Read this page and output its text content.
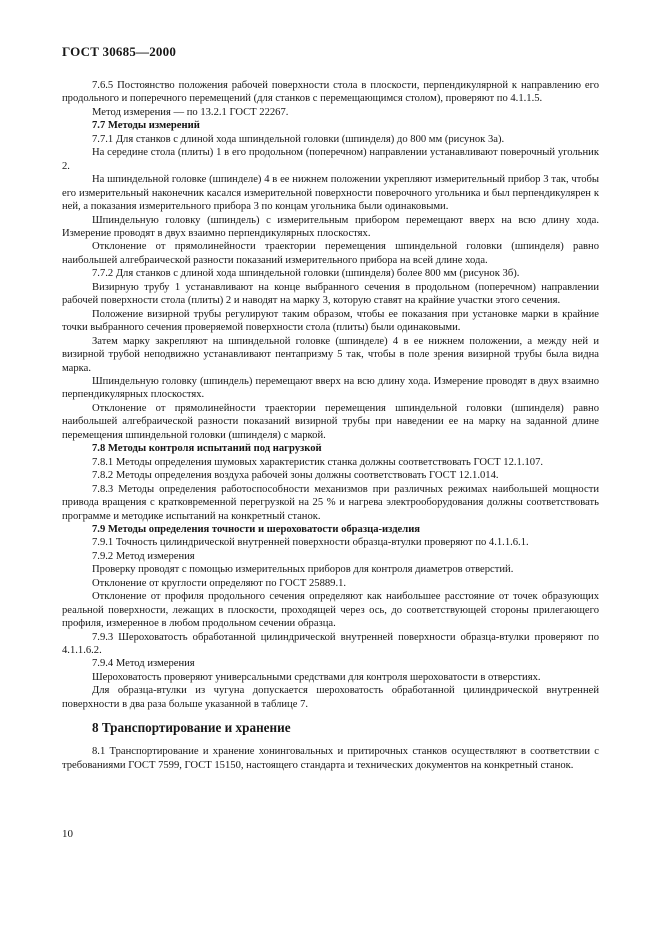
ГОСТ 30685—2000

7.6.5 Постоянство положения рабочей поверхности стола в плоскости, перпендикулярной к направлению его продольного и поперечного перемещений (для станков с перемещающимся столом), проверяют по 4.1.1.5.

Метод измерения — по 13.2.1 ГОСТ 22267.

7.7 Методы измерений

7.7.1 Для станков с длиной хода шпиндельной головки (шпинделя) до 800 мм (рисунок 3а).

На середине стола (плиты) 1 в его продольном (поперечном) направлении устанавливают поверочный угольник 2.

На шпиндельной головке (шпинделе) 4 в ее нижнем положении укрепляют измерительный прибор 3 так, чтобы его измерительный наконечник касался измерительной поверхности поверочного угольника и был перпендикулярен к ней, а показания измерительного прибора 3 по концам угольника были одинаковыми.

Шпиндельную головку (шпиндель) с измерительным прибором перемещают вверх на всю длину хода. Измерение проводят в двух взаимно перпендикулярных плоскостях.

Отклонение от прямолинейности траектории перемещения шпиндельной головки (шпинделя) равно наибольшей алгебраической разности показаний измерительного прибора на всей длине хода.

7.7.2 Для станков с длиной хода шпиндельной головки (шпинделя) более 800 мм (рисунок 3б).

Визирную трубу 1 устанавливают на конце выбранного сечения в продольном (поперечном) направлении рабочей поверхности стола (плиты) 2 и наводят на марку 3, которую ставят на крайние участки этого сечения.

Положение визирной трубы регулируют таким образом, чтобы ее показания при установке марки в крайние точки выбранного сечения проверяемой поверхности стола (плиты) были одинаковыми.

Затем марку закрепляют на шпиндельной головке (шпинделе) 4 в ее нижнем положении, а между ней и визирной трубой неподвижно устанавливают пентапризму 5 так, чтобы в поле зрения визирной трубы была видна марка.

Шпиндельную головку (шпиндель) перемещают вверх на всю длину хода. Измерение проводят в двух взаимно перпендикулярных плоскостях.

Отклонение от прямолинейности траектории перемещения шпиндельной головки (шпинделя) равно наибольшей алгебраической разности показаний визирной трубы при наведении ее на марку на заданной длине перемещения шпиндельной головки (шпинделя) с маркой.

7.8 Методы контроля испытаний под нагрузкой

7.8.1 Методы определения шумовых характеристик станка должны соответствовать ГОСТ 12.1.107.

7.8.2 Методы определения воздуха рабочей зоны должны соответствовать ГОСТ 12.1.014.

7.8.3 Методы определения работоспособности механизмов при различных режимах наибольшей мощности привода вращения с кратковременной перегрузкой на 25 % и нагрева электрооборудования должны соответствовать программе и методике испытаний на конкретный станок.

7.9 Методы определения точности и шероховатости образца-изделия

7.9.1 Точность цилиндрической внутренней поверхности образца-втулки проверяют по 4.1.1.6.1.

7.9.2 Метод измерения

Проверку проводят с помощью измерительных приборов для контроля диаметров отверстий.

Отклонение от круглости определяют по ГОСТ 25889.1.

Отклонение от профиля продольного сечения определяют как наибольшее расстояние от точек образующих реальной поверхности, лежащих в плоскости, проходящей через ось, до соответствующей стороны прилегающего профиля, измеренное в любом продольном сечении образца.

7.9.3 Шероховатость обработанной цилиндрической внутренней поверхности образца-втулки проверяют по 4.1.1.6.2.

7.9.4 Метод измерения

Шероховатость проверяют универсальными средствами для контроля шероховатости в отверстиях.

Для образца-втулки из чугуна допускается шероховатость обработанной цилиндрической внутренней поверхности в два раза больше указанной в таблице 7.

8 Транспортирование и хранение

8.1 Транспортирование и хранение хонинговальных и притирочных станков осуществляют в соответствии с требованиями ГОСТ 7599, ГОСТ 15150, настоящего стандарта и технических документов на конкретный станок.

10
